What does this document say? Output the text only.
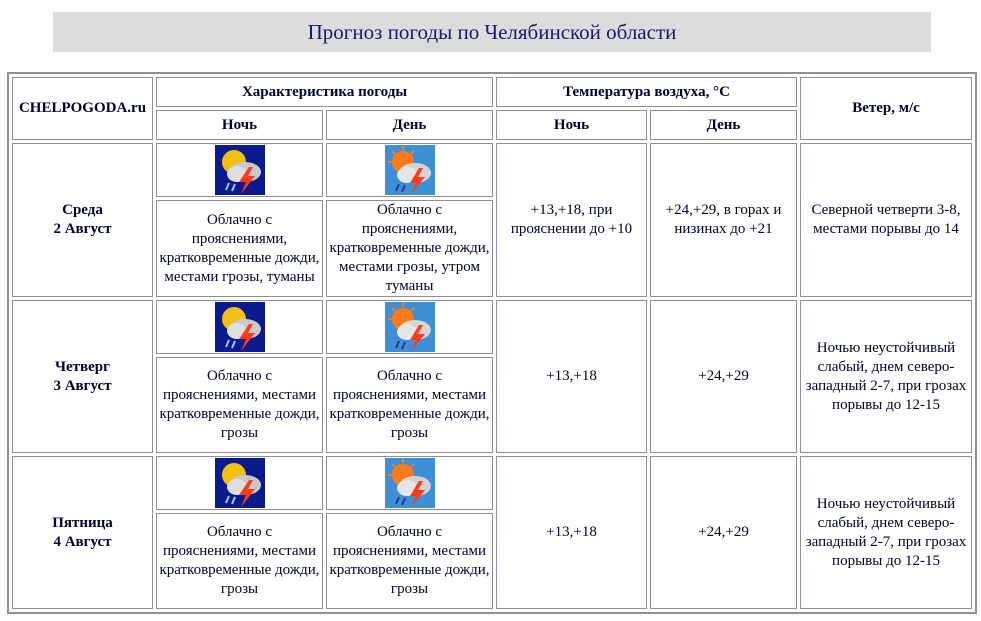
Прогноз погоды по Челябинской области
CHELPOGODA.ru	Характеристика погоды		Температура воздуха, °C		Ветер, м/с
	Ночь	День	Ночь	День	

Среда
2 Август			+13,+18, при прояснении до +10	+24,+29, в горах и низинах до +21	Северной четверти 3-8, местами порывы до 14
	Облачно с прояснениями, кратковременные дожди, местами грозы, туманы	Облачно с прояснениями, кратковременные дожди, местами грозы, утром туманы			

Четверг
3 Август			+13,+18	+24,+29	Ночью неустойчивый слабый, днем северо-западный 2-7, при грозах порывы до 12-15
	Облачно с прояснениями, местами кратковременные дожди, грозы	Облачно с прояснениями, местами кратковременные дожди, грозы			

Пятница
4 Август			+13,+18	+24,+29	Ночью неустойчивый слабый, днем северо-западный 2-7, при грозах порывы до 12-15
	Облачно с прояснениями, местами кратковременные дожди, грозы	Облачно с прояснениями, местами кратковременные дожди, грозы			
